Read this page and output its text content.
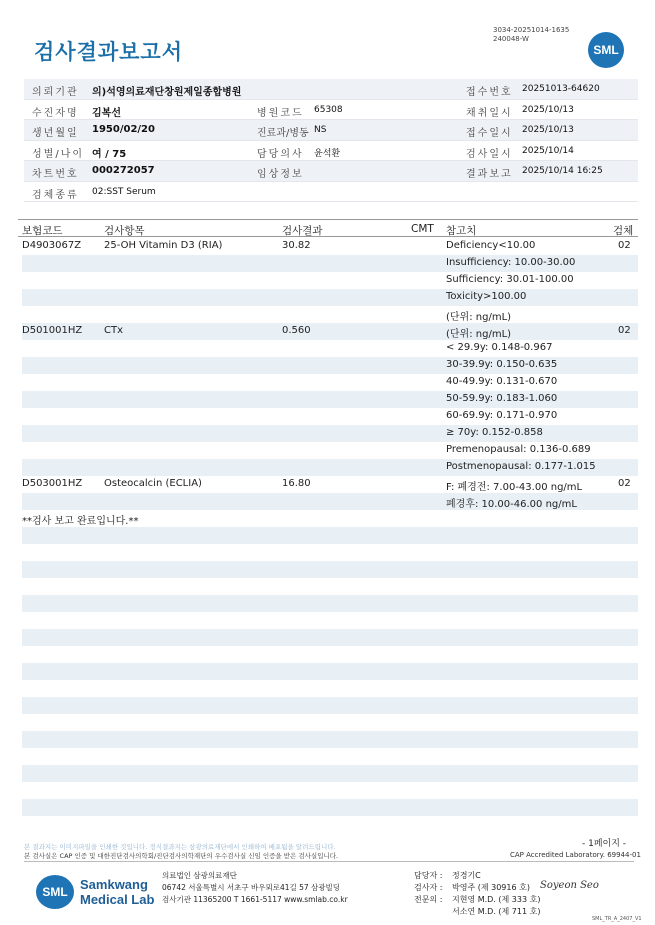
검사결과보고서
3034-20251014-1635
240048-W
SML
의뢰기관 의)석영의료재단창원제일종합병원	접수번호 20251013-64620
수진자명 김복선	병원코드 65308	채취일시 2025/10/13
생년월일 1950/02/20	진료과/병동 NS	접수일시 2025/10/13
성별/나이 여 / 75	담당의사 윤석환	검사일시 2025/10/14
차트번호 000272057	임상정보	결과보고 2025/10/14 16:25
검체종류 02:SST Serum
보험코드	검사항목	검사결과	CMT 참고치	검체
D4903067Z 25-OH Vitamin D3 (RIA)	30.82	Deficiency<10.00	02
Insufficiency: 10.00-30.00
Sufficiency: 30.01-100.00
Toxicity>100.00
(단위: ng/mL)
D501001HZ CTx	0.560	(단위: ng/mL)	02
< 29.9y: 0.148-0.967
30-39.9y: 0.150-0.635
40-49.9y: 0.131-0.670
50-59.9y: 0.183-1.060
60-69.9y: 0.171-0.970
≥ 70y: 0.152-0.858
Premenopausal: 0.136-0.689
Postmenopausal: 0.177-1.015
D503001HZ Osteocalcin (ECLIA)	16.80	F: 폐경전: 7.00-43.00 ng/mL	02
폐경후: 10.00-46.00 ng/mL
**검사 보고 완료입니다.**
- 1페이지 -
본 결과지는 이미지파일을 인쇄한 것입니다. 정식결과지는 삼광의료재단에서 인쇄하여 배포됨을 알려드립니다.
본 검사실은 CAP 인증 및 대한진단검사의학회/진단검사의학재단의 우수검사실 신임 인증을 받은 검사실입니다.	CAP Accredited Laboratory. 69944-01
SML Samkwang
Medical Lab
의료법인 삼광의료재단
06742 서울특별시 서초구 바우뫼로41길 57 삼광빌딩
검사기관 11365200 T 1661-5117 www.smlab.co.kr
담당자 : 정경기C
검사자 : 박영주 (제 30916 호)
전문의 : 지현영 M.D. (제 333 호)
서소연 M.D. (제 711 호)
Soyeon Seo
SML_TR_A_2407_V1
